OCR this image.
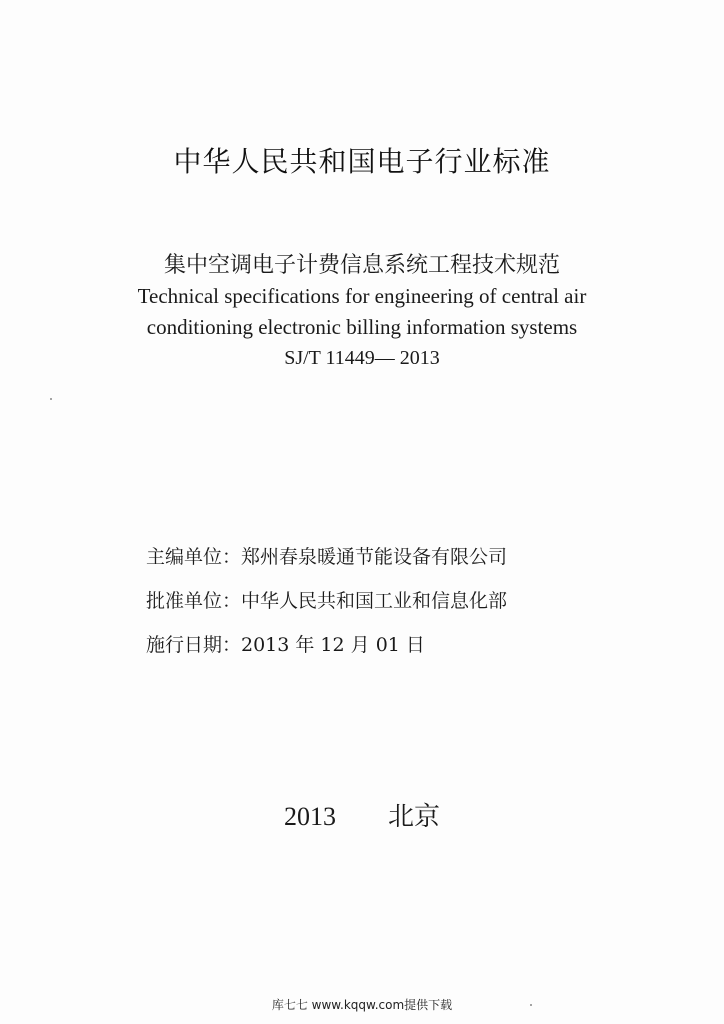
中华人民共和国电子行业标准
集中空调电子计费信息系统工程技术规范
Technical specifications for engineering of central air
conditioning electronic billing information systems
SJ/T 11449— 2013
主编单位：郑州春泉暖通节能设备有限公司
批准单位：中华人民共和国工业和信息化部
施行日期：2013 年 12 月 01 日
2013 北京
库七七 www.kqqw.com提供下载
